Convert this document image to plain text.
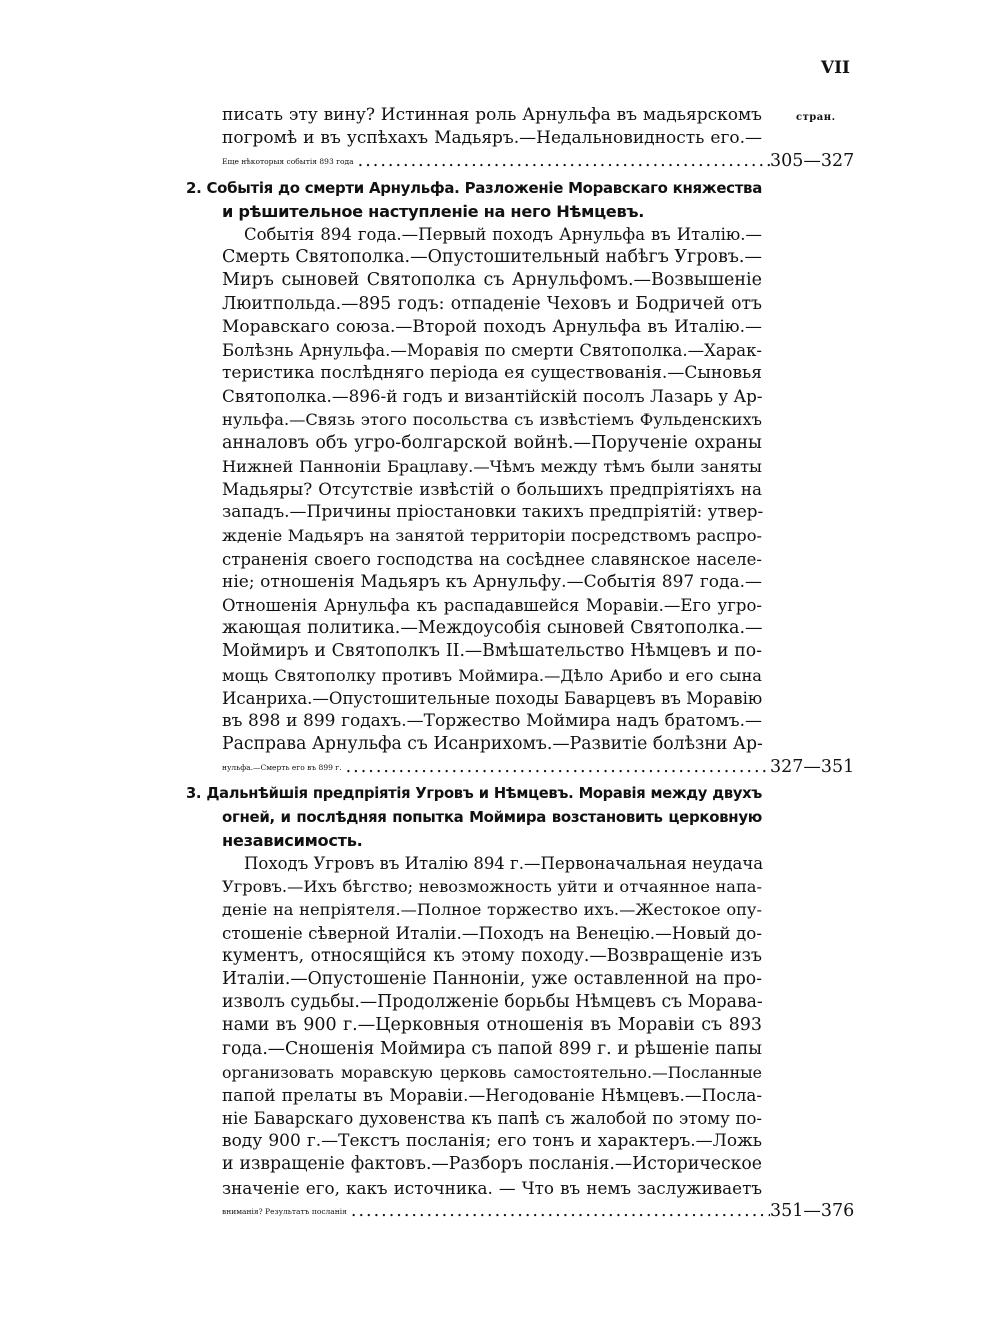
VII
стран.
писать эту вину? Истинная роль Арнульфа въ мадьярскомъ
погромѣ и въ успѣхахъ Мадьяръ.—Недальновидность его.—
Еще нѣкоторыя событія 893 года .....	305—327
2. Событія до смерти Арнульфа. Разложеніе Моравскаго княжества
и рѣшительное наступленіе на него Нѣмцевъ.
Событія 894 года.—Первый походъ Арнульфа въ Италію.—
Смерть Святополка.—Опустошительный набѣгъ Угровъ.—
Миръ сыновей Святополка съ Арнульфомъ.—Возвышеніе
Люитпольда.—895 годъ: отпаденіе Чеховъ и Бодричей отъ
Моравскаго союза.—Второй походъ Арнульфа въ Италію.—
Болѣзнь Арнульфа.—Моравія по смерти Святополка.—Харак-
теристика послѣдняго періода ея существованія.—Сыновья
Святополка.—896-й годъ и византійскій посолъ Лазарь у Ар-
нульфа.—Связь этого посольства съ извѣстіемъ Фульденскихъ
анналовъ объ угро-болгарской войнѣ.—Порученіе охраны
Нижней Панноніи Брацлаву.—Чѣмъ между тѣмъ были заняты
Мадьяры? Отсутствіе извѣстій о большихъ предпріятіяхъ на
западъ.—Причины пріостановки такихъ предпріятій: утвер-
жденіе Мадьяръ на занятой территоріи посредствомъ распро-
страненія своего господства на сосѣднее славянское населе-
ніе; отношенія Мадьяръ къ Арнульфу.—Событія 897 года.—
Отношенія Арнульфа къ распадавшейся Моравіи.—Его угро-
жающая политика.—Междоусобія сыновей Святополка.—
Моймиръ и Святополкъ II.—Вмѣшательство Нѣмцевъ и по-
мощь Святополку противъ Моймира.—Дѣло Арибо и его сына
Исанриха.—Опустошительные походы Баварцевъ въ Моравію
въ 898 и 899 годахъ.—Торжество Моймира надъ братомъ.—
Расправа Арнульфа съ Исанрихомъ.—Развитіе болѣзни Ар-
нульфа.—Смерть его въ 899 г. .....	327—351
3. Дальнѣйшія предпріятія Угровъ и Нѣмцевъ. Моравія между двухъ
огней, и послѣдняя попытка Моймира возстановить церковную
независимость.
Походъ Угровъ въ Италію 894 г.—Первоначальная неудача
Угровъ.—Ихъ бѣгство; невозможность уйти и отчаянное напа-
деніе на непріятеля.—Полное торжество ихъ.—Жестокое опу-
стошеніе сѣверной Италіи.—Походъ на Венецію.—Новый до-
кументъ, относящійся къ этому походу.—Возвращеніе изъ
Италіи.—Опустошеніе Панноніи, уже оставленной на про-
изволъ судьбы.—Продолженіе борьбы Нѣмцевъ съ Морава-
нами въ 900 г.—Церковныя отношенія въ Моравіи съ 893
года.—Сношенія Моймира съ папой 899 г. и рѣшеніе папы
организовать моравскую церковь самостоятельно.—Посланные
папой прелаты въ Моравіи.—Негодованіе Нѣмцевъ.—Посла-
ніе Баварскаго духовенства къ папѣ съ жалобой по этому по-
воду 900 г.—Текстъ посланія; его тонъ и характеръ.—Ложь
и извращеніе фактовъ.—Разборъ посланія.—Историческое
значеніе его, какъ источника. — Что въ немъ заслуживаетъ
вниманія? Результатъ посланія .....	351—376
